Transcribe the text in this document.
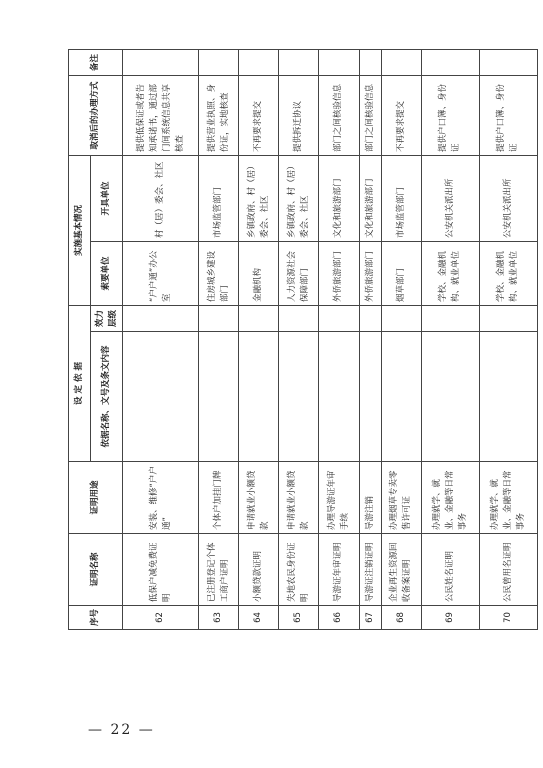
序号	证明名称	证明用途	设 定 依 据		实施基本情况		取消后的办理方式	备注
			依据名称、文号及条文内容	效力层级	索要单位	开具单位		

62	低保户减免费证明	安装、维修“户户通”			“户户通”办公室	村（居）委会、社区	提供低保证或者告知承诺书，通过部门间系统信息共享核查	
63	已注册登记个体工商户证明	个体户加挂门牌			住房城乡建设部门	市场监管部门	提供营业执照、身份证，实地核查	
64	小额贷款证明	申请就业小额贷款			金融机构	乡镇政府、村（居）委会、社区	不再要求提交	
65	失地农民身份证明	申请就业小额贷款			人力资源社会保障部门	乡镇政府、村（居）委会、社区	提供拆迁协议	
66	导游证年审证明	办理导游证年审手续			外侨旅游部门	文化和旅游部门	部门之间核验信息	
67	导游证注销证明	导游注销			外侨旅游部门	文化和旅游部门	部门之间核验信息	
68	企业再生资源回收备案证明	办理烟草专卖零售许可证			烟草部门	市场监管部门	不再要求提交	
69	公民姓名证明	办理就学、就业、金融等日常事务			学校、金融机构、就业单位	公安机关派出所	提供户口簿、身份证	
70	公民曾用名证明	办理就学、就业、金融等日常事务			学校、金融机构、就业单位	公安机关派出所	提供户口簿、身份证	
— 22 —
